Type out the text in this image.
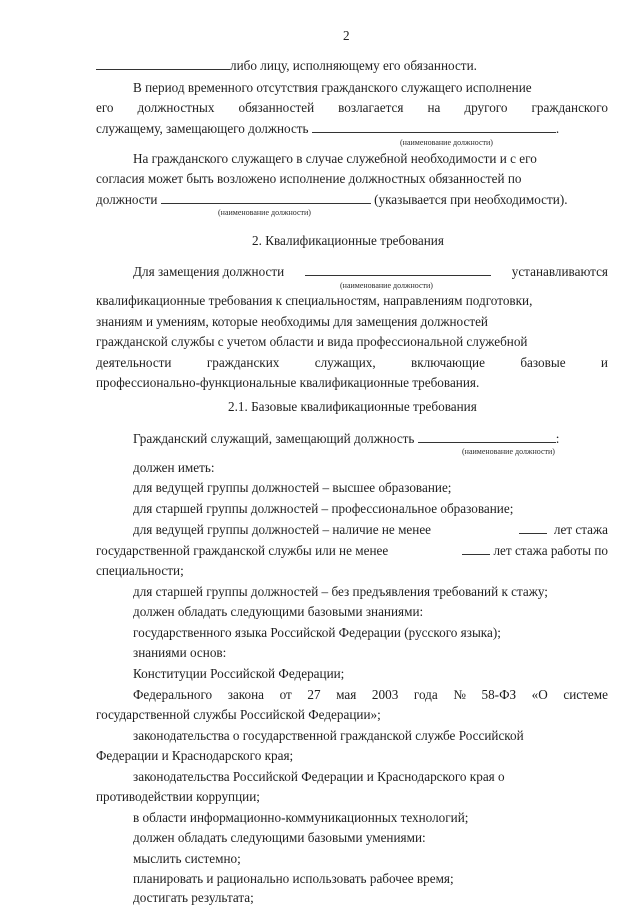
2
либо лицу, исполняющему его обязанности.
В период временного отсутствия гражданского служащего исполнение
его должностных обязанностей возлагается на другого гражданского
служащему, замещающего должность	.
(наименование должности)
На гражданского служащего в случае служебной необходимости и с его
согласия может быть возложено исполнение должностных обязанностей по
должности	(указывается при необходимости).
(наименование должности)
2. Квалификационные требования
Для замещения должности	устанавливаются
(наименование должности)
квалификационные требования к специальностям, направлениям подготовки,
знаниям и умениям, которые необходимы для замещения должностей
гражданской службы с учетом области и вида профессиональной служебной
деятельности	гражданских	служащих,	включающие	базовые	и
профессионально-функциональные квалификационные требования.
2.1. Базовые квалификационные требования
Гражданский служащий, замещающий должность	:
(наименование должности)
должен иметь:
для ведущей группы должностей – высшее образование;
для старшей группы должностей – профессиональное образование;
для ведущей группы должностей – наличие не менее	лет стажа
государственной гражданской службы или не менее	лет стажа работы по
специальности;
для старшей группы должностей – без предъявления требований к стажу;
должен обладать следующими базовыми знаниями:
государственного языка Российской Федерации (русского языка);
знаниями основ:
Конституции Российской Федерации;
Федерального закона от 27 мая 2003 года № 58-ФЗ «О системе
государственной службы Российской Федерации»;
законодательства о государственной гражданской службе Российской
Федерации и Краснодарского края;
законодательства Российской Федерации и Краснодарского края о
противодействии коррупции;
в области информационно-коммуникационных технологий;
должен обладать следующими базовыми умениями:
мыслить системно;
планировать и рационально использовать рабочее время;
достигать результата;
